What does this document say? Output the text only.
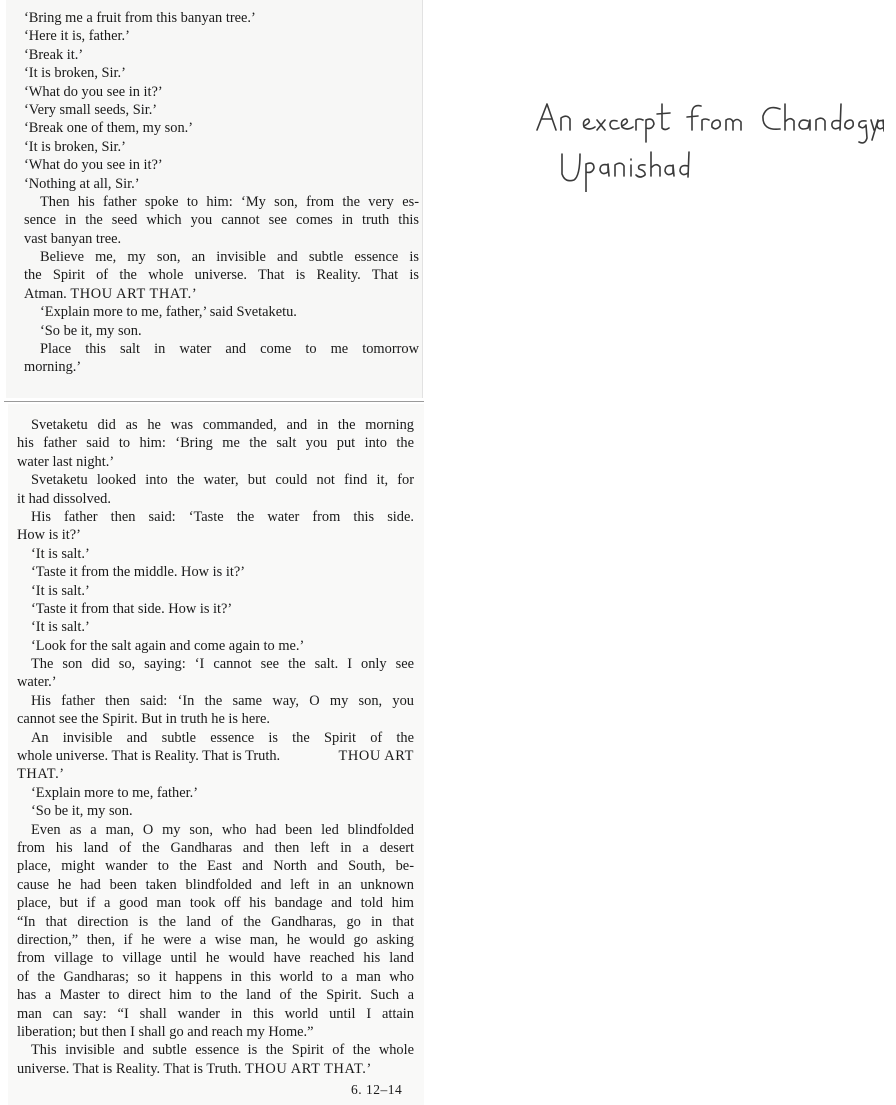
‘Bring me a fruit from this banyan tree.’
‘Here it is, father.’
‘Break it.’
‘It is broken, Sir.’
‘What do you see in it?’
‘Very small seeds, Sir.’
‘Break one of them, my son.’
‘It is broken, Sir.’
‘What do you see in it?’
‘Nothing at all, Sir.’
Then his father spoke to him: ‘My son, from the very es-
sence in the seed which you cannot see comes in truth this
vast banyan tree.
Believe me, my son, an invisible and subtle essence is
the Spirit of the whole universe. That is Reality. That is
Atman. THOU ART THAT.’
‘Explain more to me, father,’ said Svetaketu.
‘So be it, my son.
Place this salt in water and come to me tomorrow
morning.’
Svetaketu did as he was commanded, and in the morning
his father said to him: ‘Bring me the salt you put into the
water last night.’
Svetaketu looked into the water, but could not find it, for
it had dissolved.
His father then said: ‘Taste the water from this side.
How is it?’
‘It is salt.’
‘Taste it from the middle. How is it?’
‘It is salt.’
‘Taste it from that side. How is it?’
‘It is salt.’
‘Look for the salt again and come again to me.’
The son did so, saying: ‘I cannot see the salt. I only see
water.’
His father then said: ‘In the same way, O my son, you
cannot see the Spirit. But in truth he is here.
An invisible and subtle essence is the Spirit of the
whole universe. That is Reality. That is Truth.	THOU ART
THAT.’
‘Explain more to me, father.’
‘So be it, my son.
Even as a man, O my son, who had been led blindfolded
from his land of the Gandharas and then left in a desert
place, might wander to the East and North and South, be-
cause he had been taken blindfolded and left in an unknown
place, but if a good man took off his bandage and told him
“In that direction is the land of the Gandharas, go in that
direction,” then, if he were a wise man, he would go asking
from village to village until he would have reached his land
of the Gandharas; so it happens in this world to a man who
has a Master to direct him to the land of the Spirit. Such a
man can say: “I shall wander in this world until I attain
liberation; but then I shall go and reach my Home.”
This invisible and subtle essence is the Spirit of the whole
universe. That is Reality. That is Truth. THOU ART THAT.’
6. 12–14
